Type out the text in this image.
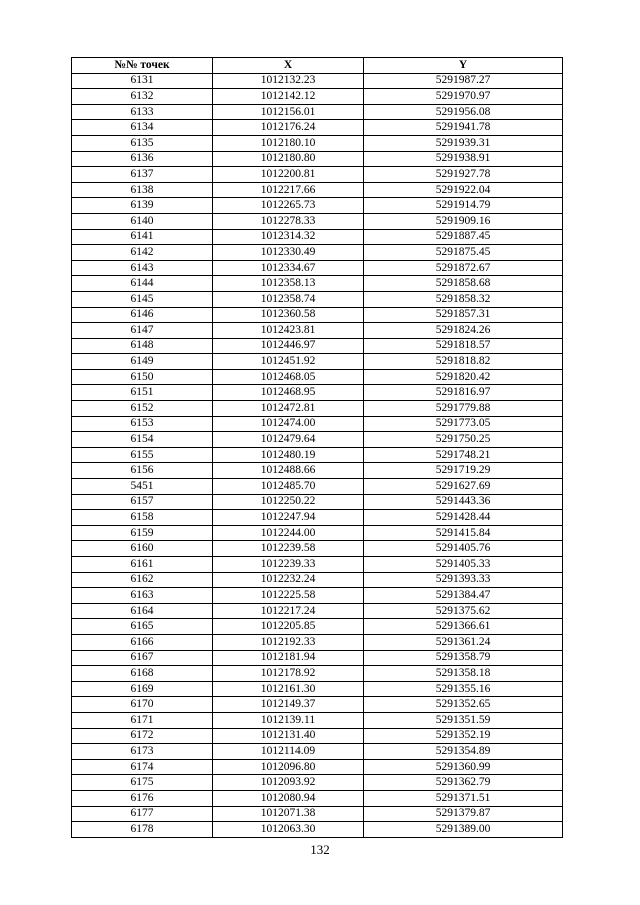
№№ точек	X	Y
6131	1012132.23	5291987.27
6132	1012142.12	5291970.97
6133	1012156.01	5291956.08
6134	1012176.24	5291941.78
6135	1012180.10	5291939.31
6136	1012180.80	5291938.91
6137	1012200.81	5291927.78
6138	1012217.66	5291922.04
6139	1012265.73	5291914.79
6140	1012278.33	5291909.16
6141	1012314.32	5291887.45
6142	1012330.49	5291875.45
6143	1012334.67	5291872.67
6144	1012358.13	5291858.68
6145	1012358.74	5291858.32
6146	1012360.58	5291857.31
6147	1012423.81	5291824.26
6148	1012446.97	5291818.57
6149	1012451.92	5291818.82
6150	1012468.05	5291820.42
6151	1012468.95	5291816.97
6152	1012472.81	5291779.88
6153	1012474.00	5291773.05
6154	1012479.64	5291750.25
6155	1012480.19	5291748.21
6156	1012488.66	5291719.29
5451	1012485.70	5291627.69
6157	1012250.22	5291443.36
6158	1012247.94	5291428.44
6159	1012244.00	5291415.84
6160	1012239.58	5291405.76
6161	1012239.33	5291405.33
6162	1012232.24	5291393.33
6163	1012225.58	5291384.47
6164	1012217.24	5291375.62
6165	1012205.85	5291366.61
6166	1012192.33	5291361.24
6167	1012181.94	5291358.79
6168	1012178.92	5291358.18
6169	1012161.30	5291355.16
6170	1012149.37	5291352.65
6171	1012139.11	5291351.59
6172	1012131.40	5291352.19
6173	1012114.09	5291354.89
6174	1012096.80	5291360.99
6175	1012093.92	5291362.79
6176	1012080.94	5291371.51
6177	1012071.38	5291379.87
6178	1012063.30	5291389.00
132
